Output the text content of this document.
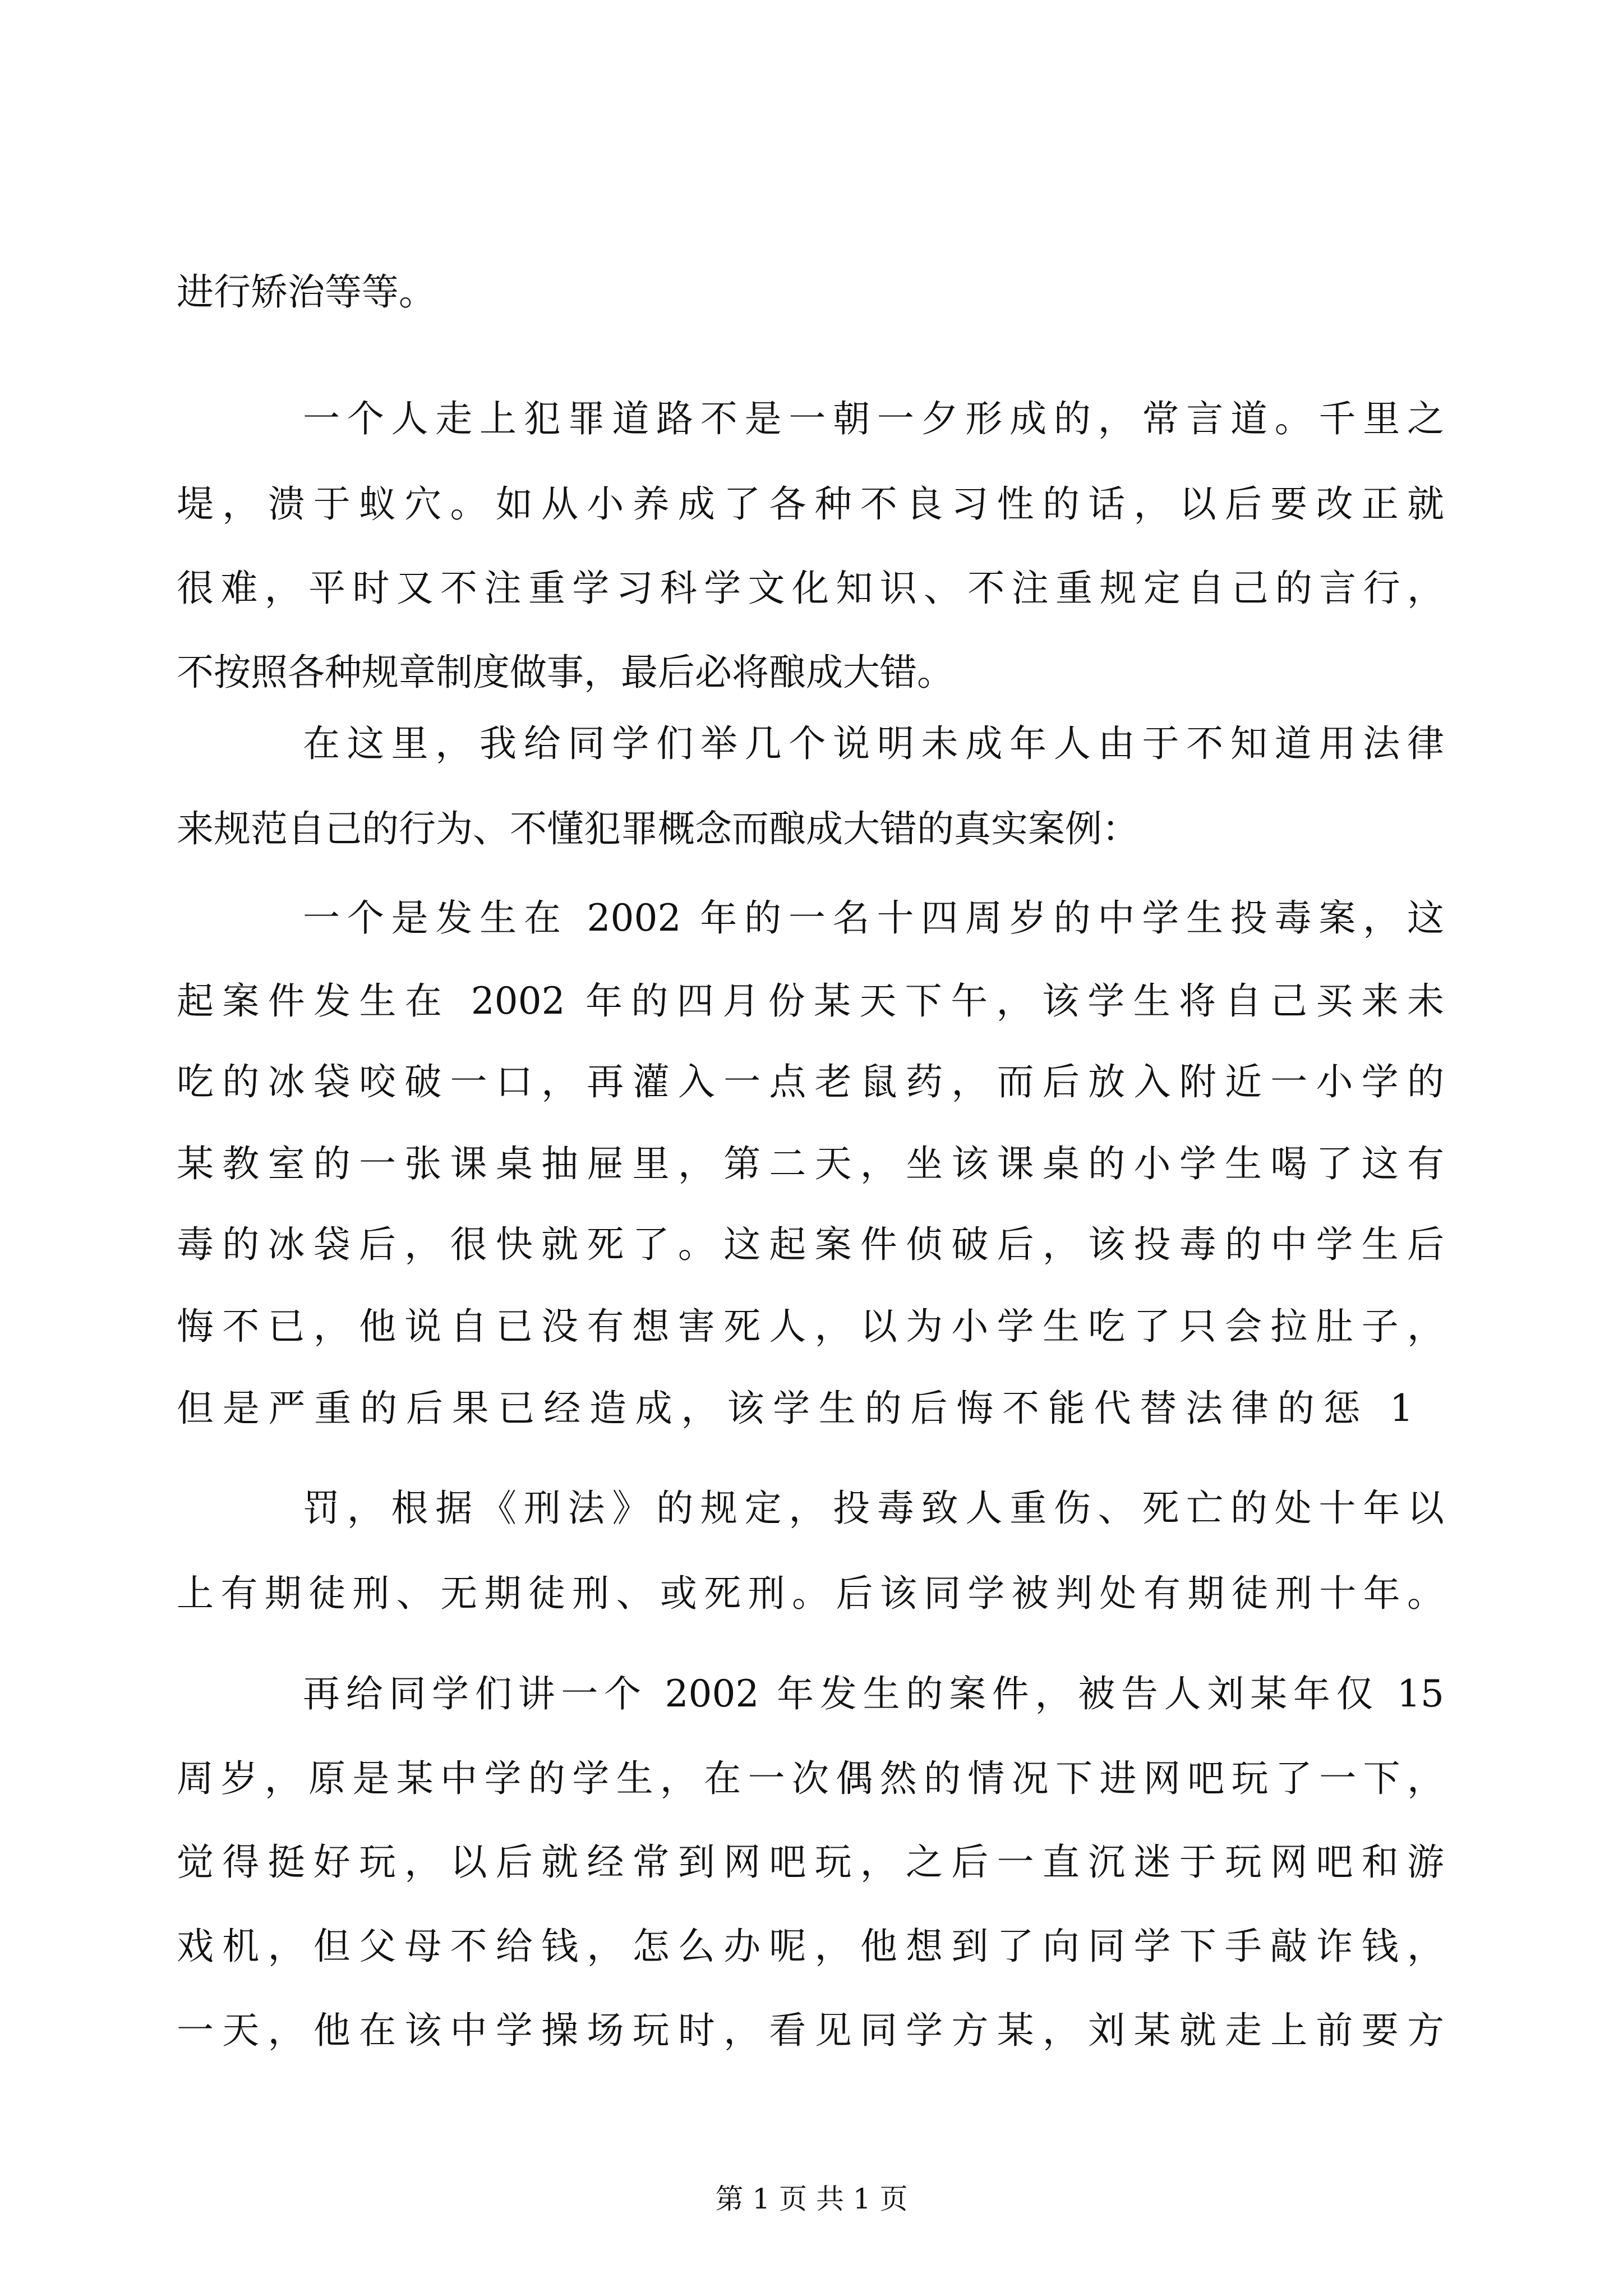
进行矫治等等。
一个人走上犯罪道路不是一朝一夕形成的，常言道。千里之
堤，溃于蚁穴。如从小养成了各种不良习性的话，以后要改正就
很难，平时又不注重学习科学文化知识、不注重规定自己的言行，
不按照各种规章制度做事，最后必将酿成大错。
在这里，我给同学们举几个说明未成年人由于不知道用法律
来规范自己的行为、不懂犯罪概念而酿成大错的真实案例：
一个是发生在 2002 年的一名十四周岁的中学生投毒案，这
起案件发生在 2002 年的四月份某天下午，该学生将自己买来未
吃的冰袋咬破一口，再灌入一点老鼠药，而后放入附近一小学的
某教室的一张课桌抽屉里，第二天，坐该课桌的小学生喝了这有
毒的冰袋后，很快就死了。这起案件侦破后，该投毒的中学生后
悔不已，他说自已没有想害死人，以为小学生吃了只会拉肚子，
但是严重的后果已经造成，该学生的后悔不能代替法律的惩 1
罚，根据《刑法》的规定，投毒致人重伤、死亡的处十年以
上有期徒刑、无期徒刑、或死刑。后该同学被判处有期徒刑十年。
再给同学们讲一个 2002 年发生的案件，被告人刘某年仅 15
周岁，原是某中学的学生，在一次偶然的情况下进网吧玩了一下，
觉得挺好玩，以后就经常到网吧玩，之后一直沉迷于玩网吧和游
戏机，但父母不给钱，怎么办呢，他想到了向同学下手敲诈钱，
一天，他在该中学操场玩时，看见同学方某，刘某就走上前要方
第 1 页 共 1 页
